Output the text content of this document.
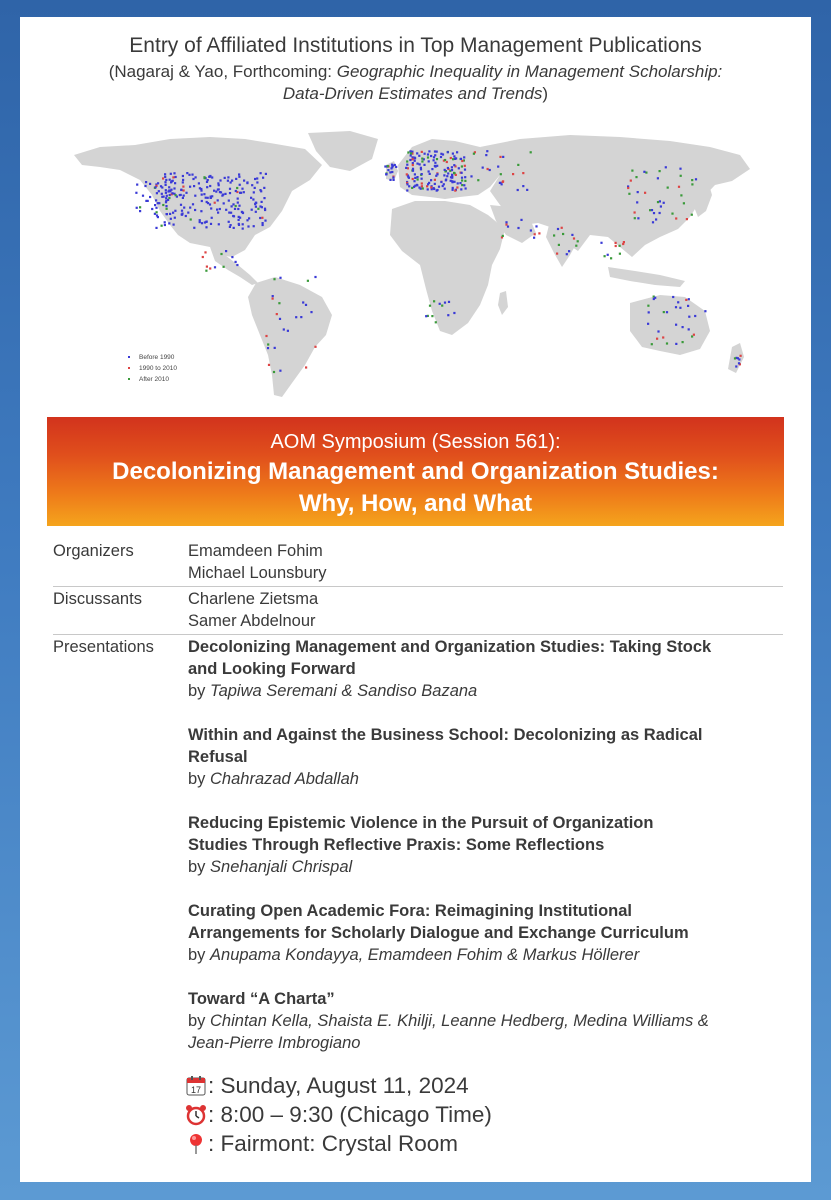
Entry of Affiliated Institutions in Top Management Publications
(Nagaraj & Yao, Forthcoming: Geographic Inequality in Management Scholarship:
Data-Driven Estimates and Trends)
Before 1990
1990 to 2010
After 2010
AOM Symposium (Session 561):
Decolonizing Management and Organization Studies:
Why, How, and What
Organizers	Emamdeen Fohim
Michael Lounsbury
Discussants	Charlene Zietsma
Samer Abdelnour
Presentations	Decolonizing Management and Organization Studies: Taking Stock
and Looking Forward
by Tapiwa Seremani & Sandiso Bazana
Within and Against the Business School: Decolonizing as Radical
Refusal
by Chahrazad Abdallah
Reducing Epistemic Violence in the Pursuit of Organization
Studies Through Reflective Praxis: Some Reflections
by Snehanjali Chrispal
Curating Open Academic Fora: Reimagining Institutional
Arrangements for Scholarly Dialogue and Exchange Curriculum
by Anupama Kondayya, Emamdeen Fohim & Markus Höllerer
Toward “A Charta”
by Chintan Kella, Shaista E. Khilji, Leanne Hedberg, Medina Williams &
Jean-Pierre Imbrogiano
17 : Sunday, August 11, 2024
: 8:00 – 9:30 (Chicago Time)
: Fairmont: Crystal Room
